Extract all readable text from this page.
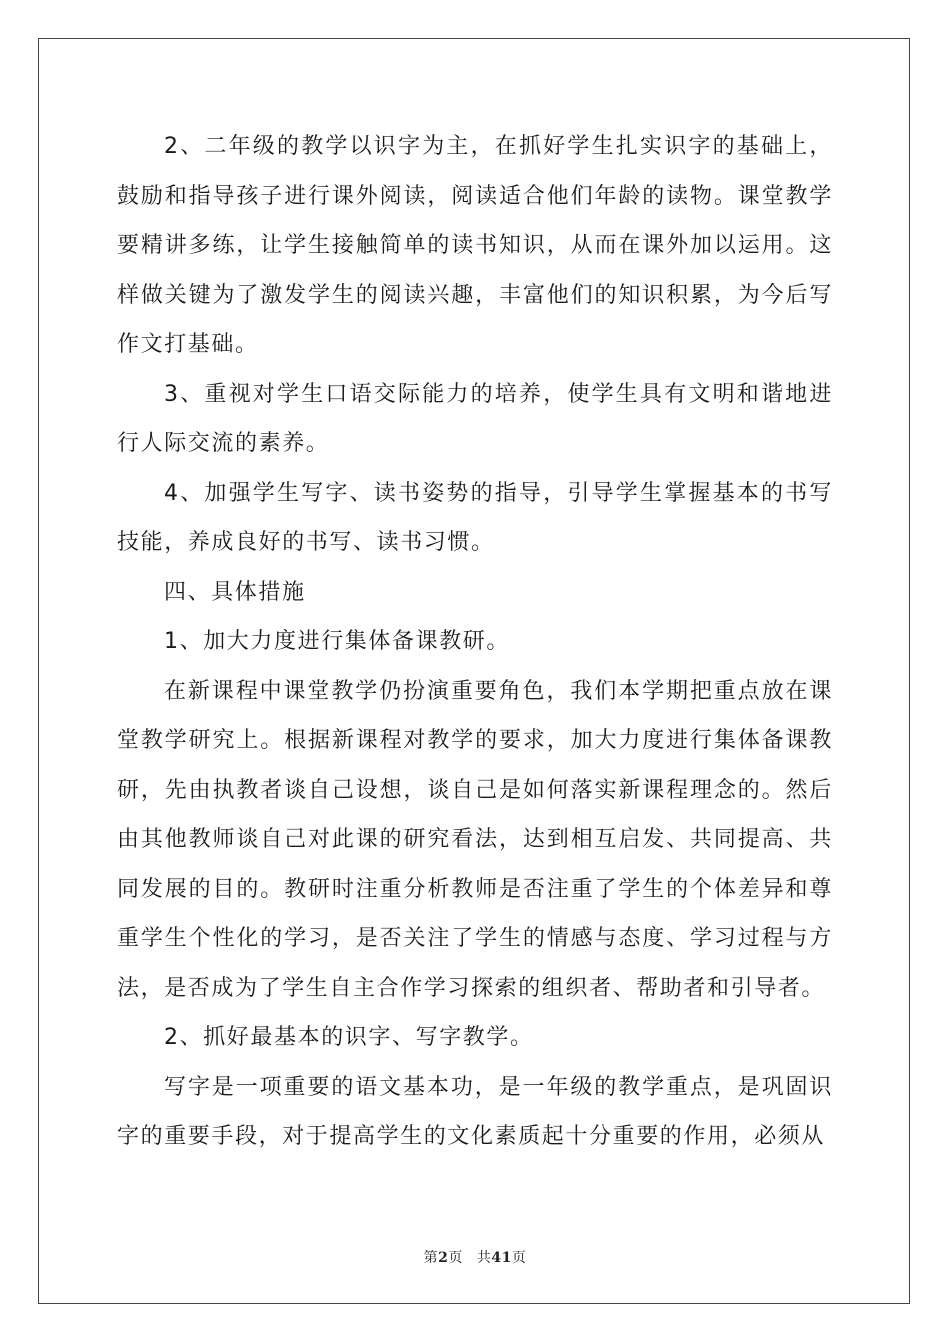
2、二年级的教学以识字为主，在抓好学生扎实识字的基础上，鼓励和指导孩子进行课外阅读，阅读适合他们年龄的读物。课堂教学要精讲多练，让学生接触简单的读书知识，从而在课外加以运用。这样做关键为了激发学生的阅读兴趣，丰富他们的知识积累，为今后写作文打基础。

3、重视对学生口语交际能力的培养，使学生具有文明和谐地进行人际交流的素养。

4、加强学生写字、读书姿势的指导，引导学生掌握基本的书写技能，养成良好的书写、读书习惯。

四、具体措施

1、加大力度进行集体备课教研。

在新课程中课堂教学仍扮演重要角色，我们本学期把重点放在课堂教学研究上。根据新课程对教学的要求，加大力度进行集体备课教研，先由执教者谈自己设想，谈自己是如何落实新课程理念的。然后由其他教师谈自己对此课的研究看法，达到相互启发、共同提高、共同发展的目的。教研时注重分析教师是否注重了学生的个体差异和尊重学生个性化的学习，是否关注了学生的情感与态度、学习过程与方法，是否成为了学生自主合作学习探索的组织者、帮助者和引导者。

2、抓好最基本的识字、写字教学。

写字是一项重要的语文基本功，是一年级的教学重点，是巩固识字的重要手段，对于提高学生的文化素质起十分重要的作用，必须从

第2页 共41页
